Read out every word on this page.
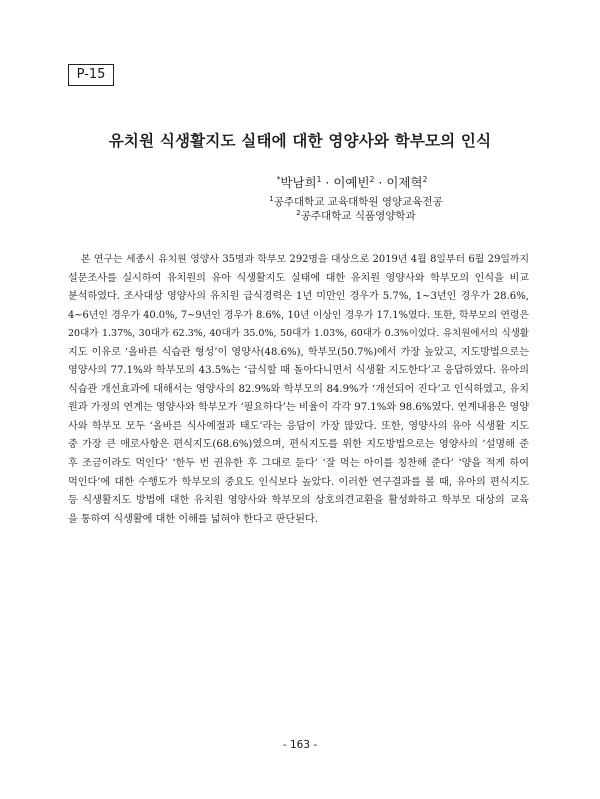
P-15
유치원 식생활지도 실태에 대한 영양사와 학부모의 인식
*박남희$^1$ · 이예빈$^2$ · 이제혁$^2$
$^1$공주대학교 교육대학원 영양교육전공
$^2$공주대학교 식품영양학과
본 연구는 세종시 유치원 영양사 35명과 학부모 292명을 대상으로 2019년 4월 8일부터 6월 29일까지
설문조사를 실시하여 유치원의 유아 식생활지도 실태에 대한 유치원 영양사와 학부모의 인식을 비교
분석하였다. 조사대상 영양사의 유치원 급식경력은 1년 미만인 경우가 5.7%, 1~3년인 경우가 28.6%,
4~6년인 경우가 40.0%, 7~9년인 경우가 8.6%, 10년 이상인 경우가 17.1%였다. 또한, 학부모의 연령은
20대가 1.37%, 30대가 62.3%, 40대가 35.0%, 50대가 1.03%, 60대가 0.3%이었다. 유치원에서의 식생활
지도 이유로 ‘올바른 식습관 형성’이 영양사(48.6%), 학부모(50.7%)에서 가장 높았고, 지도방법으로는
영양사의 77.1%와 학부모의 43.5%는 ‘급식할 때 돌아다니면서 식생활 지도한다’고 응답하였다. 유아의
식습관 개선효과에 대해서는 영양사의 82.9%와 학부모의 84.9%가 ‘개선되어 진다’고 인식하였고, 유치
원과 가정의 연계는 영양사와 학부모가 ‘필요하다’는 비율이 각각 97.1%와 98.6%였다. 연계내용은 영양
사와 학부모 모두 ‘올바른 식사예절과 태도’라는 응답이 가장 많았다. 또한, 영양사의 유아 식생활 지도
중 가장 큰 애로사항은 편식지도(68.6%)였으며, 편식지도를 위한 지도방법으로는 영양사의 ‘설명해 준
후 조금이라도 먹인다’ ‘한두 번 권유한 후 그대로 둔다’ ‘잘 먹는 아이를 칭찬해 준다’ ‘양을 적게 하여
먹인다’에 대한 수행도가 학부모의 중요도 인식보다 높았다. 이러한 연구결과를 볼 때, 유아의 편식지도
등 식생활지도 방법에 대한 유치원 영양사와 학부모의 상호의견교환을 활성화하고 학부모 대상의 교육
을 통하여 식생활에 대한 이해를 넓혀야 한다고 판단된다.
- 163 -
